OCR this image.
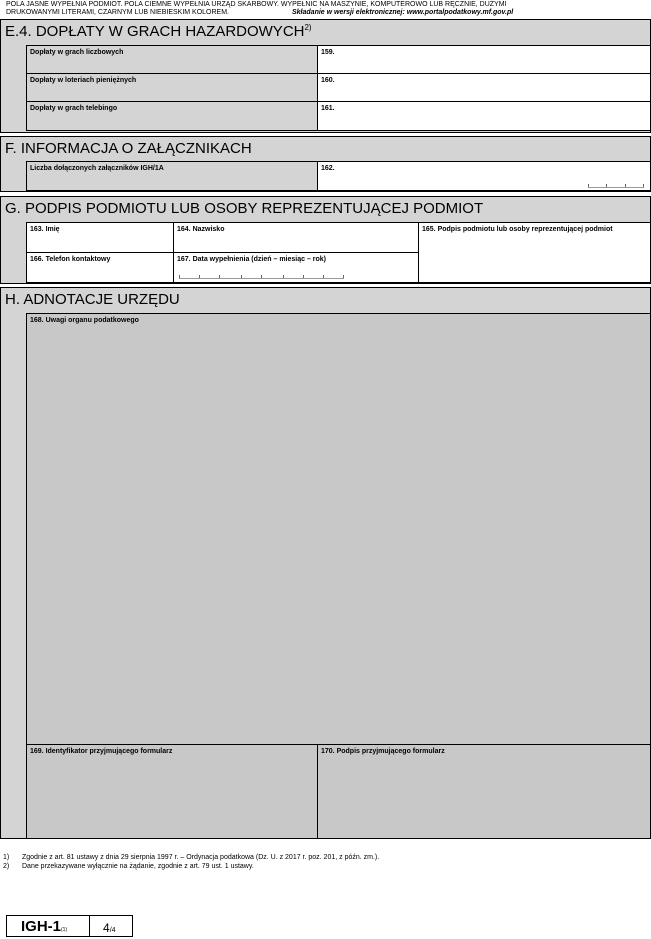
POLA JASNE WYPEŁNIA PODMIOT. POLA CIEMNE WYPEŁNIA URZĄD SKARBOWY. WYPEŁNIĆ NA MASZYNIE, KOMPUTEROWO LUB RĘCZNIE, DUŻYMI
DRUKOWANYMI LITERAMI, CZARNYM LUB NIEBIESKIM KOLOREM.	Składanie w wersji elektronicznej: www.portalpodatkowy.mf.gov.pl
E.4. DOPŁATY W GRACH HAZARDOWYCH$^{2)}$
Dopłaty w grach liczbowych	159.
Dopłaty w loteriach pieniężnych	160.
Dopłaty w grach telebingo	161.
F. INFORMACJA O ZAŁĄCZNIKACH
Liczba dołączonych załączników IGH/1A	162.
G. PODPIS PODMIOTU LUB OSOBY REPREZENTUJĄCEJ PODMIOT
163. Imię	164. Nazwisko	165. Podpis podmiotu lub osoby reprezentującej podmiot
166. Telefon kontaktowy	167. Data wypełnienia (dzień – miesiąc – rok)
H. ADNOTACJE URZĘDU
168. Uwagi organu podatkowego
169. Identyfikator przyjmującego formularz	170. Podpis przyjmującego formularz
1) Zgodnie z art. 81 ustawy z dnia 29 sierpnia 1997 r. – Ordynacja podatkowa (Dz. U. z 2017 r. poz. 201, z późn. zm.).
2) Dane przekazywane wyłącznie na żądanie, zgodnie z art. 79 ust. 1 ustawy.
IGH-1(1)	4/4
